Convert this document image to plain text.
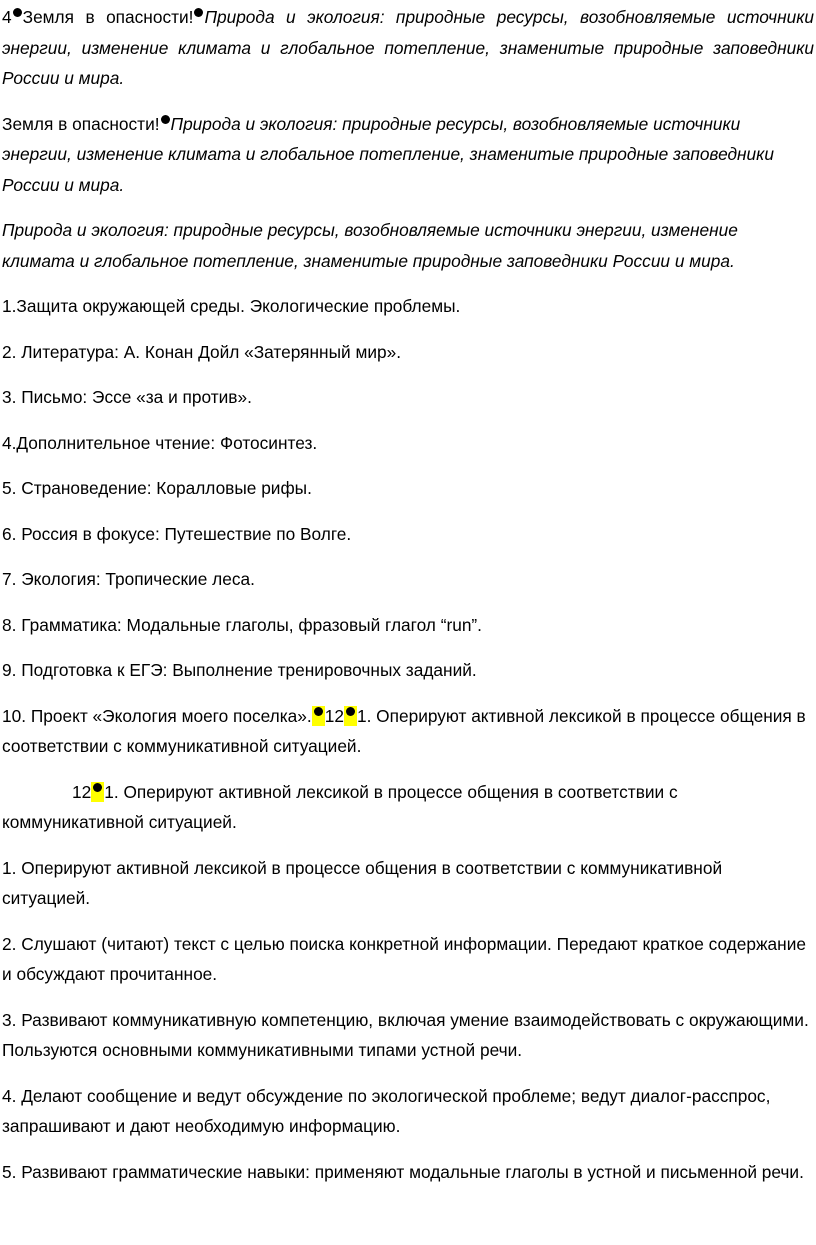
4 Земля в опасности! Природа и экология: природные ресурсы, возобновляемые источники энергии, изменение климата и глобальное потепление, знаменитые природные заповедники России и мира.

Земля в опасности! Природа и экология: природные ресурсы, возобновляемые источники энергии, изменение климата и глобальное потепление, знаменитые природные заповедники России и мира.

Природа и экология: природные ресурсы, возобновляемые источники энергии, изменение климата и глобальное потепление, знаменитые природные заповедники России и мира.

1.Защита окружающей среды. Экологические проблемы.

2. Литература: А. Конан Дойл «Затерянный мир».

3. Письмо: Эссе «за и против».

4.Дополнительное чтение: Фотосинтез.

5. Страноведение: Коралловые рифы.

6. Россия в фокусе: Путешествие по Волге.

7. Экология: Тропические леса.

8. Грамматика: Модальные глаголы, фразовый глагол “run”.

9. Подготовка к ЕГЭ: Выполнение тренировочных заданий.

10. Проект «Экология моего поселка». 12 1. Оперируют активной лексикой в процессе общения в соответствии с коммуникативной ситуацией.

12 1. Оперируют активной лексикой в процессе общения в соответствии с коммуникативной ситуацией.

1. Оперируют активной лексикой в процессе общения в соответствии с коммуникативной ситуацией.

2. Слушают (читают) текст с целью поиска конкретной информации. Передают краткое содержание и обсуждают прочитанное.

3. Развивают коммуникативную компетенцию, включая умение взаимодействовать с окружающими. Пользуются основными коммуникативными типами устной речи.

4. Делают сообщение и ведут обсуждение по экологической проблеме; ведут диалог-расспрос, запрашивают и дают необходимую информацию.

5. Развивают грамматические навыки: применяют модальные глаголы в устной и письменной речи.
